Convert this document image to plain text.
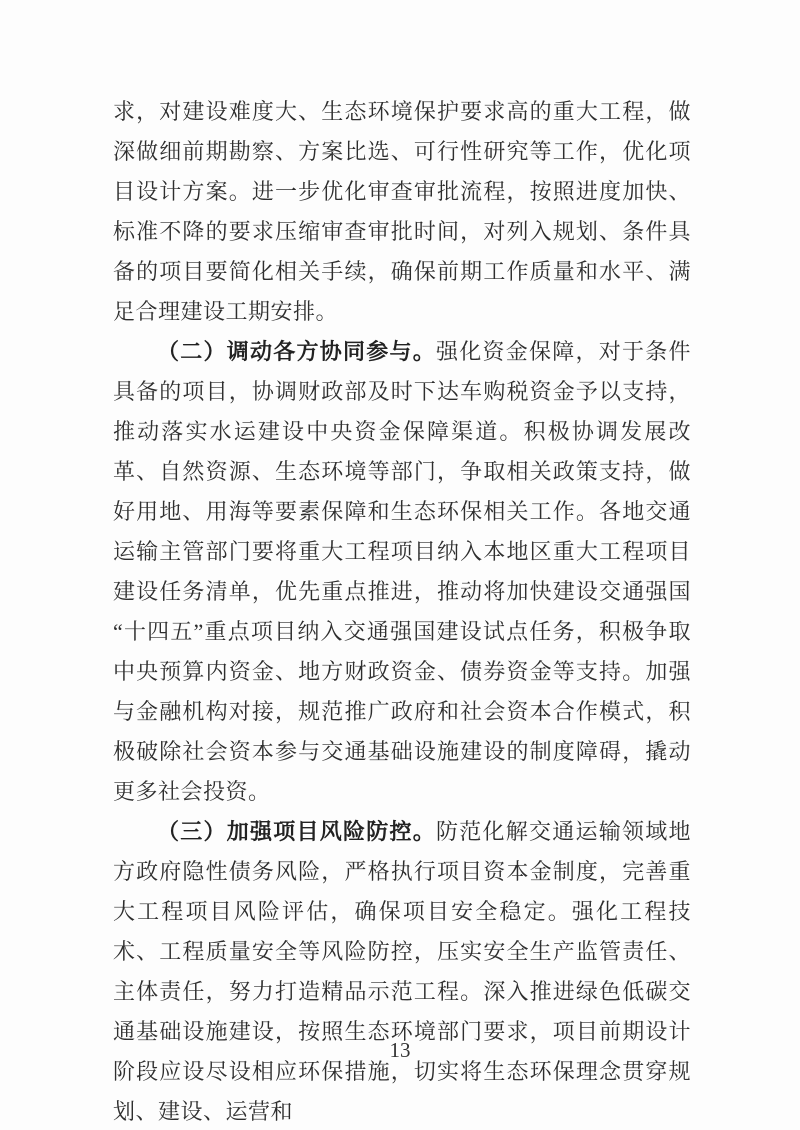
求，对建设难度大、生态环境保护要求高的重大工程，做深做细前期勘察、方案比选、可行性研究等工作，优化项目设计方案。进一步优化审查审批流程，按照进度加快、标准不降的要求压缩审查审批时间，对列入规划、条件具备的项目要简化相关手续，确保前期工作质量和水平、满足合理建设工期安排。

（二）调动各方协同参与。强化资金保障，对于条件具备的项目，协调财政部及时下达车购税资金予以支持，推动落实水运建设中央资金保障渠道。积极协调发展改革、自然资源、生态环境等部门，争取相关政策支持，做好用地、用海等要素保障和生态环保相关工作。各地交通运输主管部门要将重大工程项目纳入本地区重大工程项目建设任务清单，优先重点推进，推动将加快建设交通强国“十四五”重点项目纳入交通强国建设试点任务，积极争取中央预算内资金、地方财政资金、债券资金等支持。加强与金融机构对接，规范推广政府和社会资本合作模式，积极破除社会资本参与交通基础设施建设的制度障碍，撬动更多社会投资。

（三）加强项目风险防控。防范化解交通运输领域地方政府隐性债务风险，严格执行项目资本金制度，完善重大工程项目风险评估，确保项目安全稳定。强化工程技术、工程质量安全等风险防控，压实安全生产监管责任、主体责任，努力打造精品示范工程。深入推进绿色低碳交通基础设施建设，按照生态环境部门要求，项目前期设计阶段应设尽设相应环保措施，切实将生态环保理念贯穿规划、建设、运营和

13
